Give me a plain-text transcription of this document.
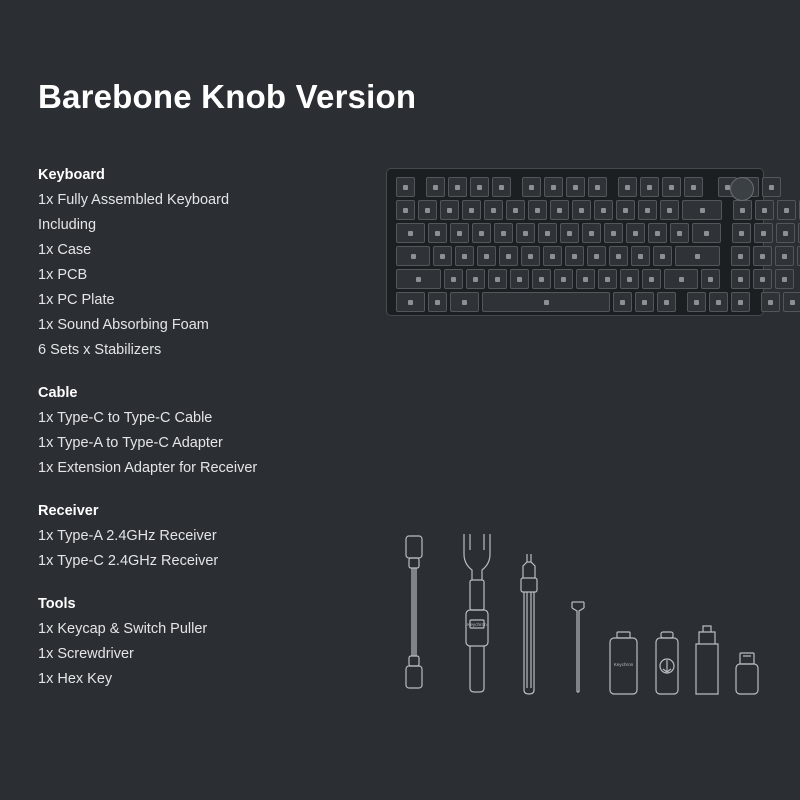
Barebone Knob Version
Keyboard
1x Fully Assembled Keyboard
Including
1x Case
1x PCB
1x PC Plate
1x Sound Absorbing Foam
6 Sets x Stabilizers
Cable
1x Type-C to Type-C Cable
1x Type-A to Type-C Adapter
1x Extension Adapter for Receiver
Receiver
1x Type-A 2.4GHz Receiver
1x Type-C 2.4GHz Receiver
Tools
1x Keycap & Switch Puller
1x Screwdriver
1x Hex Key
Keychron
Keychron
